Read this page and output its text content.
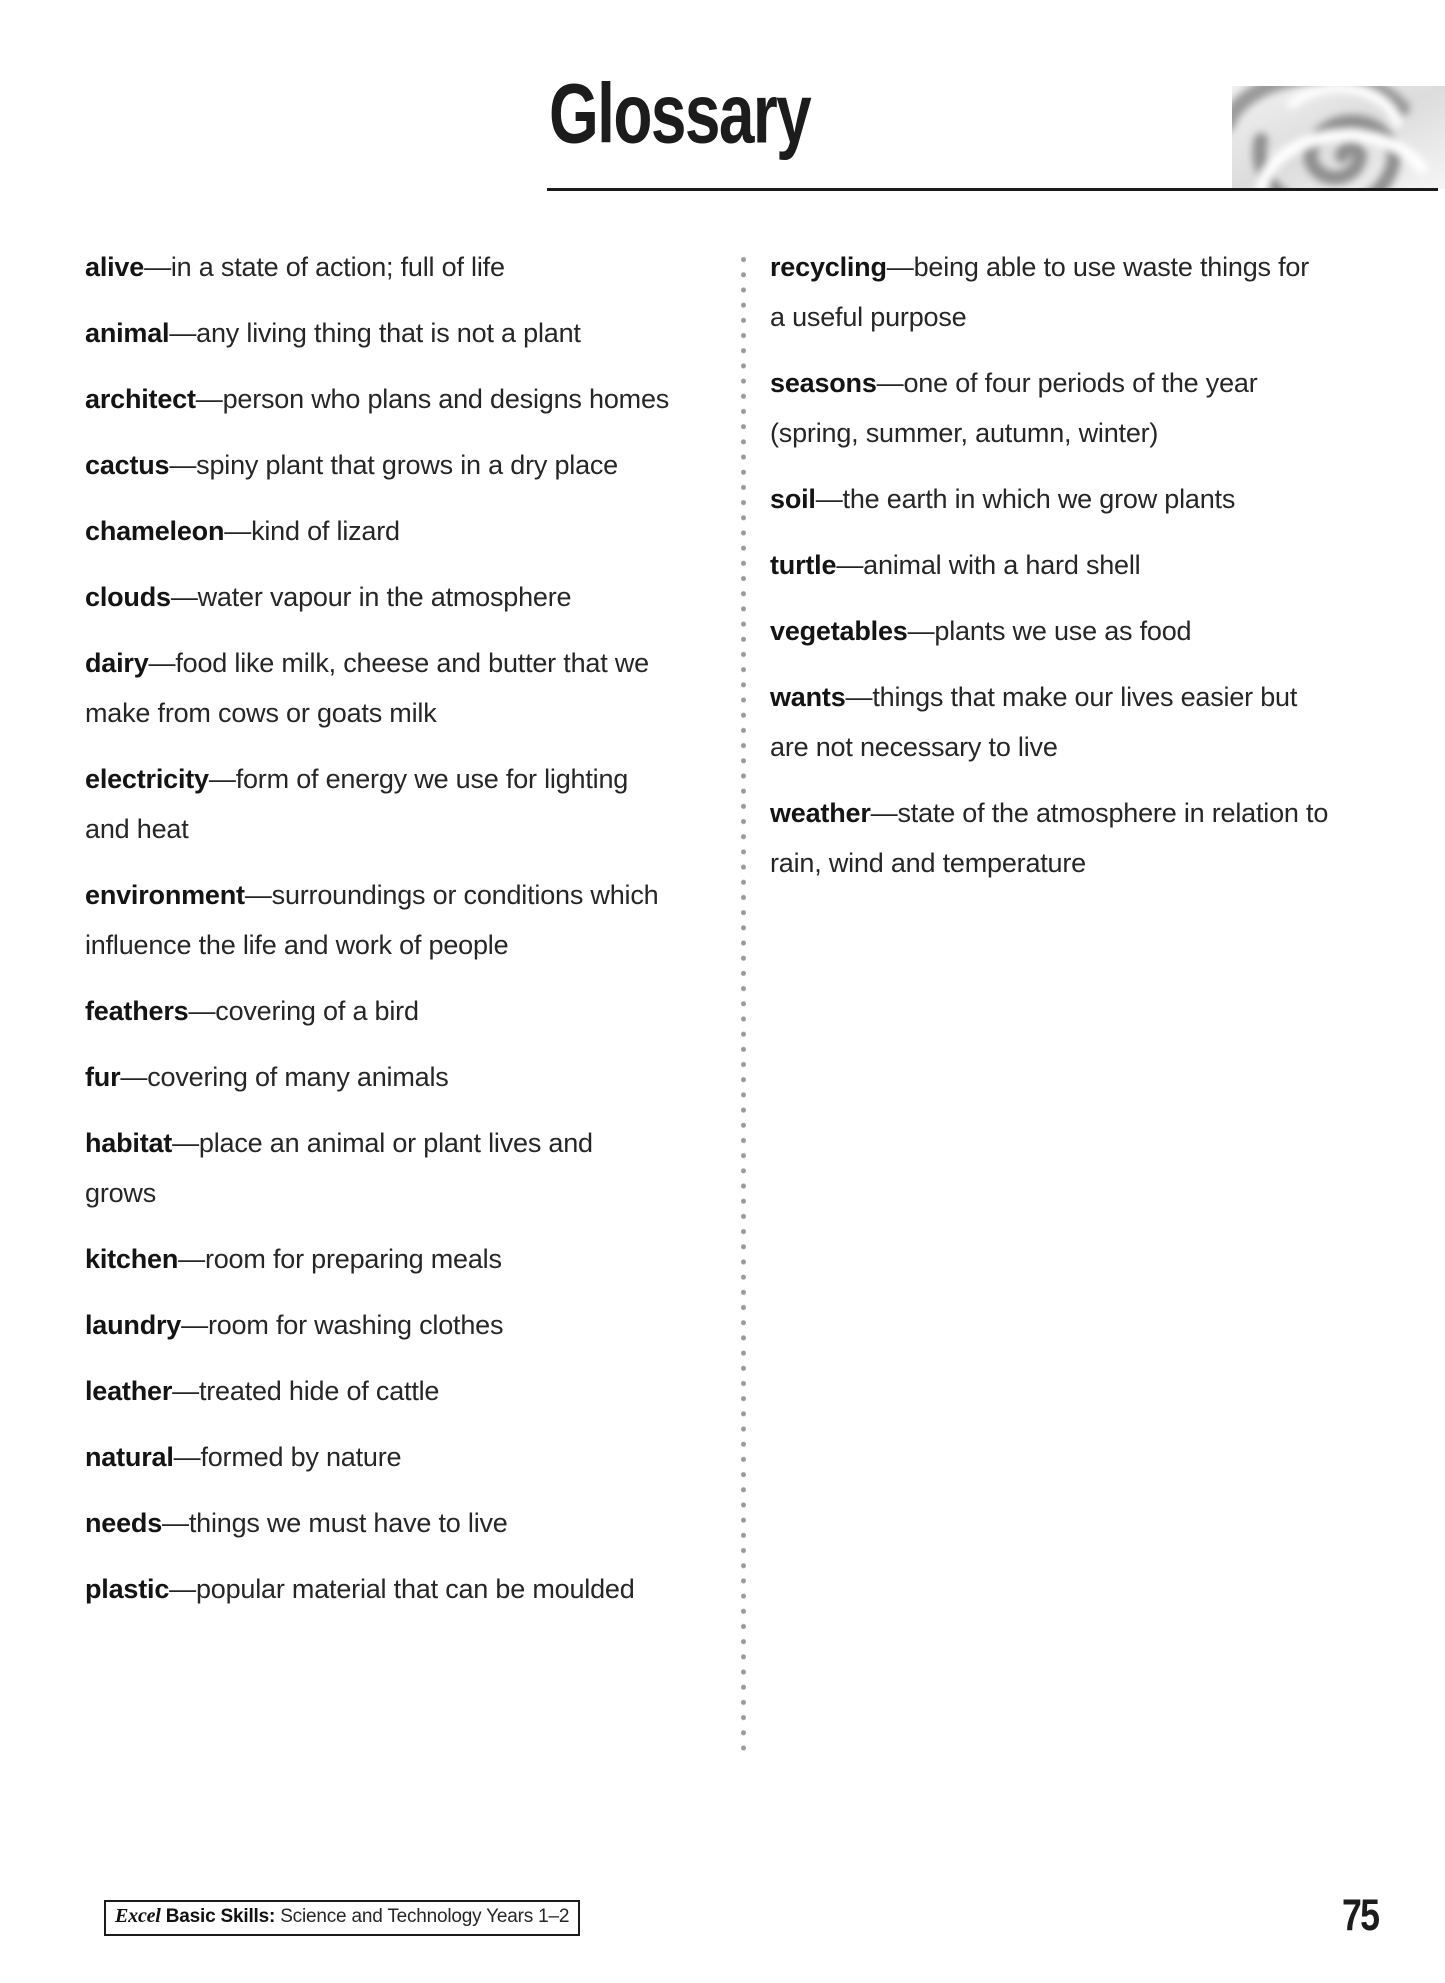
Glossary

alive—in a state of action; full of life

animal—any living thing that is not a plant

architect—person who plans and designs homes

cactus—spiny plant that grows in a dry place

chameleon—kind of lizard

clouds—water vapour in the atmosphere

dairy—food like milk, cheese and butter that we make from cows or goats milk

electricity—form of energy we use for lighting and heat

environment—surroundings or conditions which influence the life and work of people

feathers—covering of a bird

fur—covering of many animals

habitat—place an animal or plant lives and grows

kitchen—room for preparing meals

laundry—room for washing clothes

leather—treated hide of cattle

natural—formed by nature

needs—things we must have to live

plastic—popular material that can be moulded

recycling—being able to use waste things for a useful purpose

seasons—one of four periods of the year (spring, summer, autumn, winter)

soil—the earth in which we grow plants

turtle—animal with a hard shell

vegetables—plants we use as food

wants—things that make our lives easier but are not necessary to live

weather—state of the atmosphere in relation to rain, wind and temperature

Excel Basic Skills: Science and Technology Years 1–2	75
